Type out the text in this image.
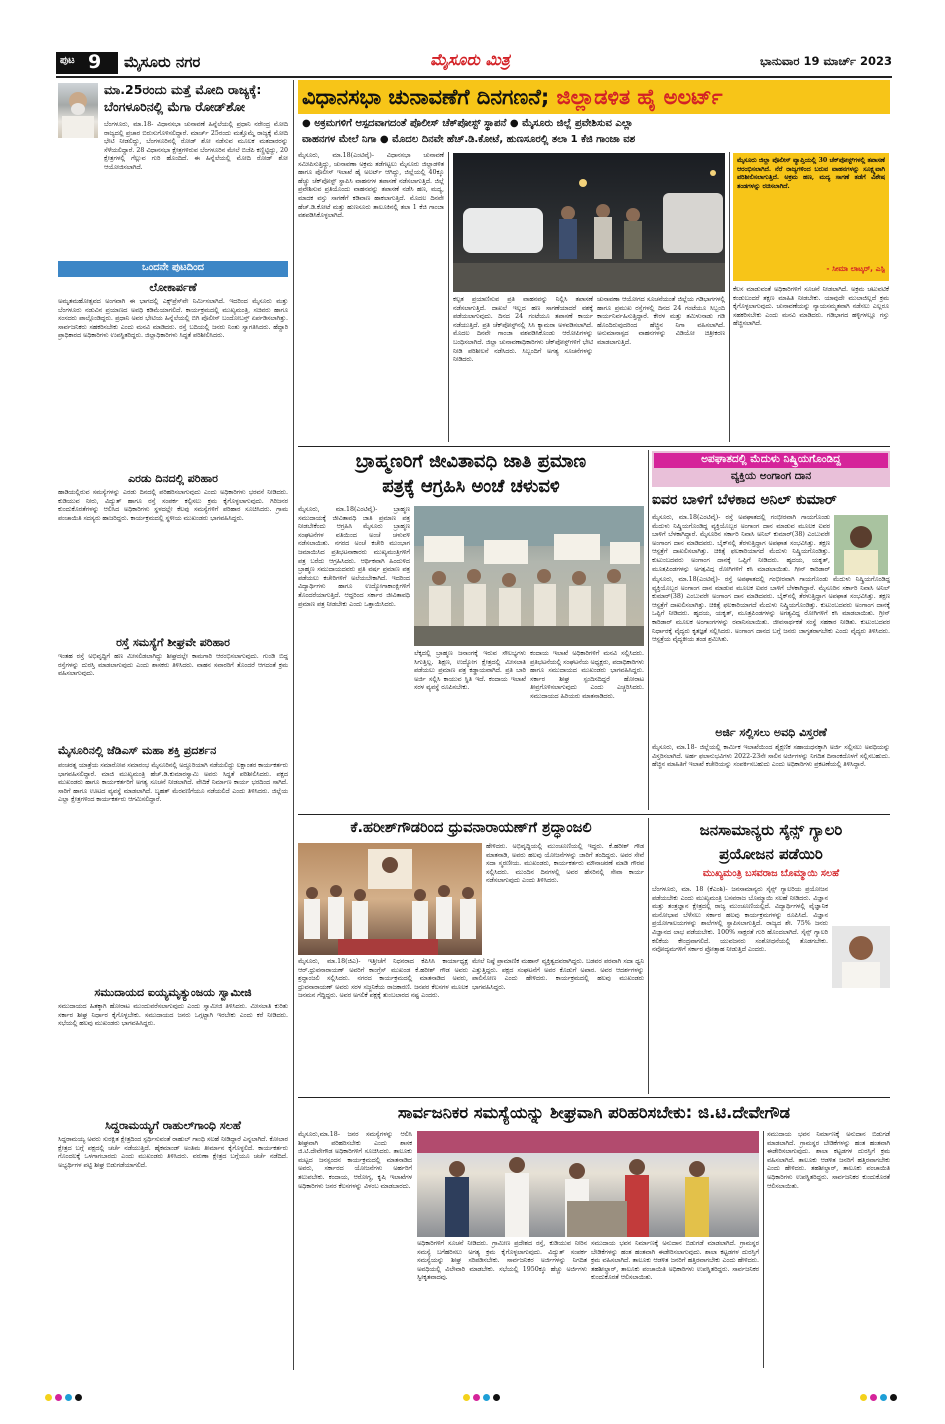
ಪುಟ 9	ಮೈಸೂರು ನಗರ	ಮೈಸೂರು ಮಿತ್ರ	ಭಾನುವಾರ 19 ಮಾರ್ಚ್ 2023
ಮಾ.25ರಂದು ಮತ್ತೆ ಮೋದಿ ರಾಜ್ಯಕ್ಕೆ: ಬೆಂಗಳೂರಿನಲ್ಲಿ ಮೆಗಾ ರೋಡ್‌ಶೋ
ಬೆಂಗಳೂರು, ಮಾ.18- ವಿಧಾನಸಭಾ ಚುನಾವಣೆ ಹಿನ್ನೆಲೆಯಲ್ಲಿ ಪ್ರಧಾನಿ ನರೇಂದ್ರ ಮೋದಿ ರಾಜ್ಯದಲ್ಲಿ ಪ್ರಚಾರ ಬಿರುಸುಗೊಳಿಸಲಿದ್ದಾರೆ. ಮಾರ್ಚ್ 25ರಂದು ಮತ್ತೊಮ್ಮೆ ರಾಜ್ಯಕ್ಕೆ ಮೋದಿ ಭೇಟಿ ನೀಡಲಿದ್ದು, ಬೆಂಗಳೂರಿನಲ್ಲಿ ರೋಡ್ ಶೋ ನಡೆಸುವ ಮೂಲಕ ಮತದಾರರನ್ನು ಸೆಳೆಯಲಿದ್ದಾರೆ. 28 ವಿಧಾನಸಭಾ ಕ್ಷೇತ್ರಗಳಿರುವ ಬೆಂಗಳೂರಿನ ಮೇಲೆ ಬಿಜೆಪಿ ಕಣ್ಣಿಟ್ಟಿದ್ದು, 20 ಕ್ಷೇತ್ರಗಳಲ್ಲಿ ಗೆಲ್ಲುವ ಗುರಿ ಹೊಂದಿದೆ. ಈ ಹಿನ್ನೆಲೆಯಲ್ಲಿ ಮೋದಿ ರೋಡ್ ಶೋ ಆಯೋಜಿಸಲಾಗಿದೆ.
ಒಂದನೇ ಪುಟದಿಂದ
ಲೋಕಾರ್ಪಣೆ
ಅಮೃತಮಹೋತ್ಸವದ ಅಂಗವಾಗಿ ಈ ಭಾಗದಲ್ಲಿ ಎಕ್ಸ್‌ಪ್ರೆಸ್‌ವೇ ನಿರ್ಮಿಸಲಾಗಿದೆ. ಇದರಿಂದ ಮೈಸೂರು ಮತ್ತು ಬೆಂಗಳೂರು ನಡುವಿನ ಪ್ರಯಾಣದ ಅವಧಿ ಕಡಿಮೆಯಾಗಲಿದೆ. ಕಾರ್ಯಕ್ರಮದಲ್ಲಿ ಮುಖ್ಯಮಂತ್ರಿ, ಸಚಿವರು ಹಾಗೂ ಸಂಸದರು ಪಾಲ್ಗೊಂಡಿದ್ದರು. ಪ್ರಧಾನಿ ಅವರ ಭೇಟಿಯ ಹಿನ್ನೆಲೆಯಲ್ಲಿ ಬಿಗಿ ಪೊಲೀಸ್ ಬಂದೋಬಸ್ತ್ ಏರ್ಪಡಿಸಲಾಗಿತ್ತು. ಸಾರ್ವಜನಿಕರು ಸಹಕರಿಸಬೇಕು ಎಂದು ಮನವಿ ಮಾಡಿದರು. ರಸ್ತೆ ಬದಿಯಲ್ಲಿ ಜನರು ನಿಂತು ಸ್ವಾಗತಿಸಿದರು. ಹೆದ್ದಾರಿ ಪ್ರಾಧಿಕಾರದ ಅಧಿಕಾರಿಗಳು ಉಪಸ್ಥಿತರಿದ್ದರು. ಜಿಲ್ಲಾಧಿಕಾರಿಗಳು ಸಿದ್ಧತೆ ಪರಿಶೀಲಿಸಿದರು.
ಎರಡು ದಿನದಲ್ಲಿ ಪರಿಹಾರ
ಹಾಡಿಯಲ್ಲಿರುವ ಸಮಸ್ಯೆಗಳನ್ನು ಎರಡು ದಿನದಲ್ಲಿ ಪರಿಹರಿಸಲಾಗುವುದು ಎಂದು ಅಧಿಕಾರಿಗಳು ಭರವಸೆ ನೀಡಿದರು. ಕುಡಿಯುವ ನೀರು, ವಿದ್ಯುತ್ ಹಾಗೂ ರಸ್ತೆ ಸಂಪರ್ಕ ಕಲ್ಪಿಸಲು ಕ್ರಮ ಕೈಗೊಳ್ಳಲಾಗುವುದು. ಗಿರಿಜನರ ಕುಂದುಕೊರತೆಗಳನ್ನು ಆಲಿಸಿದ ಅಧಿಕಾರಿಗಳು ಸ್ಥಳದಲ್ಲೇ ಕೆಲವು ಸಮಸ್ಯೆಗಳಿಗೆ ಪರಿಹಾರ ಸೂಚಿಸಿದರು. ಗ್ರಾಮ ಪಂಚಾಯಿತಿ ಸದಸ್ಯರು ಹಾಜರಿದ್ದರು. ಕಾರ್ಯಕ್ರಮದಲ್ಲಿ ಸ್ಥಳೀಯ ಮುಖಂಡರು ಭಾಗವಹಿಸಿದ್ದರು.
ರಸ್ತೆ ಸಮಸ್ಯೆಗೆ ಶೀಘ್ರವೇ ಪರಿಹಾರ
ಇಂತಹ ರಸ್ತೆ ಅಭಿವೃದ್ಧಿಗೆ ಹಣ ಮೀಸಲಿಡಲಾಗಿದ್ದು ಶೀಘ್ರದಲ್ಲೇ ಕಾಮಗಾರಿ ಆರಂಭಿಸಲಾಗುವುದು. ಗುಂಡಿ ಬಿದ್ದ ರಸ್ತೆಗಳನ್ನು ದುರಸ್ತಿ ಮಾಡಲಾಗುವುದು ಎಂದು ಶಾಸಕರು ತಿಳಿಸಿದರು. ವಾಹನ ಸವಾರರಿಗೆ ತೊಂದರೆ ಆಗದಂತೆ ಕ್ರಮ ವಹಿಸಲಾಗುವುದು.
ಮೈಸೂರಿನಲ್ಲಿ ಜೆಡಿಎಸ್ ಮಹಾ ಶಕ್ತಿ ಪ್ರದರ್ಶನ
ಪಂಚರತ್ನ ಯಾತ್ರೆಯ ಸಮಾರೋಪ ಸಮಾರಂಭ ಮೈಸೂರಿನಲ್ಲಿ ಅದ್ದೂರಿಯಾಗಿ ನಡೆಯಲಿದ್ದು ಲಕ್ಷಾಂತರ ಕಾರ್ಯಕರ್ತರು ಭಾಗವಹಿಸಲಿದ್ದಾರೆ. ಮಾಜಿ ಮುಖ್ಯಮಂತ್ರಿ ಹೆಚ್.ಡಿ.ಕುಮಾರಸ್ವಾಮಿ ಅವರು ಸಿದ್ಧತೆ ಪರಿಶೀಲಿಸಿದರು. ಪಕ್ಷದ ಮುಖಂಡರು ಹಾಗೂ ಕಾರ್ಯಕರ್ತರಿಗೆ ಅಗತ್ಯ ಸೂಚನೆ ನೀಡಲಾಗಿದೆ. ವೇದಿಕೆ ನಿರ್ಮಾಣ ಕಾರ್ಯ ಭರದಿಂದ ಸಾಗಿದೆ. ಸಾರಿಗೆ ಹಾಗೂ ಊಟದ ವ್ಯವಸ್ಥೆ ಮಾಡಲಾಗಿದೆ. ಬೃಹತ್ ಮೆರವಣಿಗೆಯೂ ನಡೆಯಲಿದೆ ಎಂದು ತಿಳಿಸಿದರು. ಜಿಲ್ಲೆಯ ಎಲ್ಲಾ ಕ್ಷೇತ್ರಗಳಿಂದ ಕಾರ್ಯಕರ್ತರು ಆಗಮಿಸಲಿದ್ದಾರೆ.
ಸಮುದಾಯದ ಐಯ್ಯಮೃತ್ಯುಂಜಯ ಸ್ವಾಮೀಜಿ
ಸಮುದಾಯದ ಹಿತಕ್ಕಾಗಿ ಹೋರಾಟ ಮುಂದುವರೆಸಲಾಗುವುದು ಎಂದು ಸ್ವಾಮೀಜಿ ತಿಳಿಸಿದರು. ಮೀಸಲಾತಿ ಕುರಿತು ಸರ್ಕಾರ ಶೀಘ್ರ ನಿರ್ಧಾರ ಕೈಗೊಳ್ಳಬೇಕು. ಸಮುದಾಯದ ಜನರು ಒಗ್ಗಟ್ಟಾಗಿ ಇರಬೇಕು ಎಂದು ಕರೆ ನೀಡಿದರು. ಸಭೆಯಲ್ಲಿ ಹಲವು ಮುಖಂಡರು ಭಾಗವಹಿಸಿದ್ದರು.
ಸಿದ್ದರಾಮಯ್ಯಗೆ ರಾಹುಲ್‌ಗಾಂಧಿ ಸಲಹೆ
ಸಿದ್ದರಾಮಯ್ಯ ಅವರು ಸುರಕ್ಷಿತ ಕ್ಷೇತ್ರದಿಂದ ಸ್ಪರ್ಧಿಸುವಂತೆ ರಾಹುಲ್ ಗಾಂಧಿ ಸಲಹೆ ನೀಡಿದ್ದಾರೆ ಎನ್ನಲಾಗಿದೆ. ಕೋಲಾರ ಕ್ಷೇತ್ರದ ಬಗ್ಗೆ ಪಕ್ಷದಲ್ಲಿ ಚರ್ಚೆ ನಡೆಯುತ್ತಿದೆ. ಹೈಕಮಾಂಡ್ ಅಂತಿಮ ತೀರ್ಮಾನ ಕೈಗೊಳ್ಳಲಿದೆ. ಕಾರ್ಯಕರ್ತರು ಗೊಂದಲಕ್ಕೆ ಒಳಗಾಗಬಾರದು ಎಂದು ಮುಖಂಡರು ತಿಳಿಸಿದರು. ವರುಣಾ ಕ್ಷೇತ್ರದ ಬಗ್ಗೆಯೂ ಚರ್ಚೆ ನಡೆದಿದೆ. ಅಭ್ಯರ್ಥಿಗಳ ಪಟ್ಟಿ ಶೀಘ್ರ ಬಿಡುಗಡೆಯಾಗಲಿದೆ.
ವಿಧಾನಸಭಾ ಚುನಾವಣೆಗೆ ದಿನಗಣನೆ; ಜಿಲ್ಲಾಡಳಿತ ಹೈ ಅಲರ್ಟ್
● ಅಕ್ರಮಗಳಿಗೆ ಆಸ್ಪದವಾಗದಂತೆ ಪೊಲೀಸ್ ಚೆಕ್‌ಪೋಸ್ಟ್ ಸ್ಥಾಪನೆ ● ಮೈಸೂರು ಜಿಲ್ಲೆ ಪ್ರವೇಶಿಸುವ ಎಲ್ಲಾ
ವಾಹನಗಳ ಮೇಲೆ ನಿಗಾ ● ಮೊದಲ ದಿನವೇ ಹೆಚ್.ಡಿ.ಕೋಟೆ, ಹುಣಸೂರಲ್ಲಿ ತಲಾ 1 ಕೆಜಿ ಗಾಂಜಾ ವಶ
ಮೈಸೂರು, ಮಾ.18(ಎಂಟಿವೈ)- ವಿಧಾನಸಭಾ ಚುನಾವಣೆ ಸಮೀಪಿಸುತ್ತಿದ್ದು, ಚುನಾವಣಾ ಅಕ್ರಮ ತಡೆಗಟ್ಟಲು ಮೈಸೂರು ಜಿಲ್ಲಾಡಳಿತ ಹಾಗೂ ಪೊಲೀಸ್ ಇಲಾಖೆ ಹೈ ಅಲರ್ಟ್ ಆಗಿದ್ದು, ಜಿಲ್ಲೆಯಲ್ಲಿ 40ಕ್ಕೂ ಹೆಚ್ಚು ಚೆಕ್‌ಪೋಸ್ಟ್ ಸ್ಥಾಪಿಸಿ ವಾಹನಗಳ ತಪಾಸಣೆ ನಡೆಸಲಾಗುತ್ತಿದೆ. ಜಿಲ್ಲೆ ಪ್ರವೇಶಿಸುವ ಪ್ರತಿಯೊಂದು ವಾಹನವನ್ನು ತಪಾಸಣೆ ನಡೆಸಿ ಹಣ, ಮದ್ಯ, ಮಾದಕ ವಸ್ತು ಸಾಗಣೆಗೆ ಕಡಿವಾಣ ಹಾಕಲಾಗುತ್ತಿದೆ. ಮೊದಲ ದಿನವೇ ಹೆಚ್.ಡಿ.ಕೋಟೆ ಮತ್ತು ಹುಣಸೂರು ತಾಲೂಕಿನಲ್ಲಿ ತಲಾ 1 ಕೆಜಿ ಗಾಂಜಾ ವಶಪಡಿಸಿಕೊಳ್ಳಲಾಗಿದೆ.
ಕಲ್ಪತ ಪ್ರಯಾಣಿಸುವ ಪ್ರತಿ ವಾಹನವನ್ನು ನಿಲ್ಲಿಸಿ ತಪಾಸಣೆ ನಡೆಸಲಾಗುತ್ತಿದೆ. ದಾಖಲೆ ಇಲ್ಲದ ಹಣ ಸಾಗಣೆಯಾದರೆ ವಶಕ್ಕೆ ಪಡೆಯಲಾಗುವುದು. ದಿನದ 24 ಗಂಟೆಯೂ ತಪಾಸಣೆ ಕಾರ್ಯ ನಡೆಯುತ್ತಿದೆ. ಪ್ರತಿ ಚೆಕ್‌ಪೋಸ್ಟ್‌ನಲ್ಲಿ ಸಿಸಿ ಕ್ಯಾಮರಾ ಅಳವಡಿಸಲಾಗಿದೆ. ಮೊದಲ ದಿನವೇ ಗಾಂಜಾ ವಶಪಡಿಸಿಕೊಂಡು ಆರೋಪಿಗಳನ್ನು ಬಂಧಿಸಲಾಗಿದೆ. ಜಿಲ್ಲಾ ಚುನಾವಣಾಧಿಕಾರಿಗಳು ಚೆಕ್‌ಪೋಸ್ಟ್‌ಗಳಿಗೆ ಭೇಟಿ ನೀಡಿ ಪರಿಶೀಲನೆ ನಡೆಸಿದರು. ಸಿಬ್ಬಂದಿಗೆ ಅಗತ್ಯ ಸೂಚನೆಗಳನ್ನು ನೀಡಿದರು.
ಚುನಾವಣಾ ಆಯೋಗದ ಸೂಚನೆಯಂತೆ ಜಿಲ್ಲೆಯ ಗಡಿಭಾಗಗಳಲ್ಲಿ ಹಾಗೂ ಪ್ರಮುಖ ರಸ್ತೆಗಳಲ್ಲಿ ದಿನದ 24 ಗಂಟೆಯೂ ಸಿಬ್ಬಂದಿ ಕಾರ್ಯನಿರ್ವಹಿಸುತ್ತಿದ್ದಾರೆ. ಕೇರಳ ಮತ್ತು ತಮಿಳುನಾಡು ಗಡಿ ಹೊಂದಿರುವುದರಿಂದ ಹೆಚ್ಚಿನ ನಿಗಾ ವಹಿಸಲಾಗಿದೆ. ಅನುಮಾನಾಸ್ಪದ ವಾಹನಗಳನ್ನು ವಿಡಿಯೋ ಚಿತ್ರೀಕರಣ ಮಾಡಲಾಗುತ್ತಿದೆ.
ಮೈಸೂರು ಜಿಲ್ಲಾ ಪೊಲೀಸ್ ವ್ಯಾಪ್ತಿಯಲ್ಲಿ 30 ಚೆಕ್‌ಪೋಸ್ಟ್‌ಗಳಲ್ಲಿ ತಪಾಸಣೆ ಆರಂಭಿಸಲಾಗಿದೆ. ನೆರೆ ರಾಜ್ಯಗಳಿಂದ ಬರುವ ವಾಹನಗಳನ್ನು ಸೂಕ್ಷ್ಮವಾಗಿ ಪರಿಶೀಲಿಸಲಾಗುತ್ತಿದೆ. ಅಕ್ರಮ ಹಣ, ಮದ್ಯ ಸಾಗಣೆ ತಡೆಗೆ ವಿಶೇಷ ತಂಡಗಳನ್ನು ರಚಿಸಲಾಗಿದೆ.
- ಸೀಮಾ ಲಾಟ್ಕರ್, ಎಸ್ಪಿ
ಕೆಲಸ ಮಾಡುವಂತೆ ಅಧಿಕಾರಿಗಳಿಗೆ ಸೂಚನೆ ನೀಡಲಾಗಿದೆ. ಅಕ್ರಮ ಚಟುವಟಿಕೆ ಕಂಡುಬಂದರೆ ತಕ್ಷಣ ಮಾಹಿತಿ ನೀಡಬೇಕು. ಯಾವುದೇ ಮುಲಾಜಿಲ್ಲದೆ ಕ್ರಮ ಕೈಗೊಳ್ಳಲಾಗುವುದು. ಚುನಾವಣೆಯನ್ನು ನ್ಯಾಯಸಮ್ಮತವಾಗಿ ನಡೆಸಲು ಎಲ್ಲರೂ ಸಹಕರಿಸಬೇಕು ಎಂದು ಮನವಿ ಮಾಡಿದರು. ಗಡಿಭಾಗದ ಹಳ್ಳಿಗಳಲ್ಲೂ ಗಸ್ತು ಹೆಚ್ಚಿಸಲಾಗಿದೆ.
ಬ್ರಾಹ್ಮಣರಿಗೆ ಜೀವಿತಾವಧಿ ಜಾತಿ ಪ್ರಮಾಣ
ಪತ್ರಕ್ಕೆ ಆಗ್ರಹಿಸಿ ಅಂಚೆ ಚಳುವಳಿ
ಮೈಸೂರು, ಮಾ.18(ಎಂಟಿವೈ)- ಬ್ರಾಹ್ಮಣ ಸಮುದಾಯಕ್ಕೆ ಜೀವಿತಾವಧಿ ಜಾತಿ ಪ್ರಮಾಣ ಪತ್ರ ನೀಡಬೇಕೆಂದು ಆಗ್ರಹಿಸಿ ಮೈಸೂರು ಬ್ರಾಹ್ಮಣ ಸಂಘಟನೆಗಳ ವತಿಯಿಂದ ಅಂಚೆ ಚಳುವಳಿ ನಡೆಸಲಾಯಿತು. ನಗರದ ಅಂಚೆ ಕಚೇರಿ ಮುಂಭಾಗ ಜಮಾಯಿಸಿದ ಪ್ರತಿಭಟನಾಕಾರರು ಮುಖ್ಯಮಂತ್ರಿಗಳಿಗೆ ಪತ್ರ ಬರೆದು ಆಗ್ರಹಿಸಿದರು. ಆರ್ಥಿಕವಾಗಿ ಹಿಂದುಳಿದ ಬ್ರಾಹ್ಮಣ ಸಮುದಾಯದವರು ಪ್ರತಿ ವರ್ಷ ಪ್ರಮಾಣ ಪತ್ರ ಪಡೆಯಲು ಕಚೇರಿಗಳಿಗೆ ಅಲೆಯಬೇಕಾಗಿದೆ. ಇದರಿಂದ ವಿದ್ಯಾರ್ಥಿಗಳು ಹಾಗೂ ಉದ್ಯೋಗಾಕಾಂಕ್ಷಿಗಳಿಗೆ ತೊಂದರೆಯಾಗುತ್ತಿದೆ. ಆದ್ದರಿಂದ ಸರ್ಕಾರ ಜೀವಿತಾವಧಿ ಪ್ರಮಾಣ ಪತ್ರ ನೀಡಬೇಕು ಎಂದು ಒತ್ತಾಯಿಸಿದರು.
ಲೆಕ್ಕದಲ್ಲಿ ಬ್ರಾಹ್ಮಣ ಜನಾಂಗಕ್ಕೆ ಇರುವ ಸೌಲಭ್ಯಗಳು ಸಿಗುತ್ತಿಲ್ಲ. ಶಿಕ್ಷಣ, ಉದ್ಯೋಗ ಕ್ಷೇತ್ರದಲ್ಲಿ ಮೀಸಲಾತಿ ಪಡೆಯಲು ಪ್ರಮಾಣ ಪತ್ರ ಕಡ್ಡಾಯವಾಗಿದೆ. ಪ್ರತಿ ಬಾರಿ ಅರ್ಜಿ ಸಲ್ಲಿಸಿ ಕಾಯುವ ಸ್ಥಿತಿ ಇದೆ. ಕಂದಾಯ ಇಲಾಖೆ ಸರಳ ವ್ಯವಸ್ಥೆ ರೂಪಿಸಬೇಕು.
ಕಂದಾಯ ಇಲಾಖೆ ಅಧಿಕಾರಿಗಳಿಗೆ ಮನವಿ ಸಲ್ಲಿಸಿದರು. ಪ್ರತಿಭಟನೆಯಲ್ಲಿ ಸಂಘಟನೆಯ ಅಧ್ಯಕ್ಷರು, ಪದಾಧಿಕಾರಿಗಳು ಹಾಗೂ ಸಮುದಾಯದ ಮುಖಂಡರು ಭಾಗವಹಿಸಿದ್ದರು. ಸರ್ಕಾರ ಶೀಘ್ರ ಸ್ಪಂದಿಸದಿದ್ದರೆ ಹೋರಾಟ ತೀವ್ರಗೊಳಿಸಲಾಗುವುದು ಎಂದು ಎಚ್ಚರಿಸಿದರು. ಸಮುದಾಯದ ಹಿರಿಯರು ಮಾತನಾಡಿದರು.
ಅಪಘಾತದಲ್ಲಿ ಮೆದುಳು ನಿಷ್ಕ್ರಿಯಗೊಂಡಿದ್ದ
ವ್ಯಕ್ತಿಯ ಅಂಗಾಂಗ ದಾನ
ಐವರ ಬಾಳಿಗೆ ಬೆಳಕಾದ ಅನಿಲ್ ಕುಮಾರ್
ಮೈಸೂರು, ಮಾ.18(ಎಂಟಿವೈ)- ರಸ್ತೆ ಅಪಘಾತದಲ್ಲಿ ಗಂಭೀರವಾಗಿ ಗಾಯಗೊಂಡು ಮೆದುಳು ನಿಷ್ಕ್ರಿಯಗೊಂಡಿದ್ದ ವ್ಯಕ್ತಿಯೊಬ್ಬರ ಅಂಗಾಂಗ ದಾನ ಮಾಡುವ ಮೂಲಕ ಐವರ ಬಾಳಿಗೆ ಬೆಳಕಾಗಿದ್ದಾರೆ. ಮೈಸೂರಿನ ಸರ್ಕಾರಿ ನಿವಾಸಿ ಅನಿಲ್ ಕುಮಾರ್(38) ಎಂಬುವರೇ ಅಂಗಾಂಗ ದಾನ ಮಾಡಿದವರು. ಬೈಕ್‌ನಲ್ಲಿ ತೆರಳುತ್ತಿದ್ದಾಗ ಅಪಘಾತ ಸಂಭವಿಸಿತ್ತು. ತಕ್ಷಣ ಆಸ್ಪತ್ರೆಗೆ ದಾಖಲಿಸಲಾಗಿತ್ತು. ಚಿಕಿತ್ಸೆ ಫಲಕಾರಿಯಾಗದೆ ಮೆದುಳು ನಿಷ್ಕ್ರಿಯಗೊಂಡಿತ್ತು. ಕುಟುಂಬದವರು ಅಂಗಾಂಗ ದಾನಕ್ಕೆ ಒಪ್ಪಿಗೆ ನೀಡಿದರು. ಹೃದಯ, ಯಕೃತ್, ಮೂತ್ರಪಿಂಡಗಳನ್ನು ಅಗತ್ಯವಿದ್ದ ರೋಗಿಗಳಿಗೆ ಕಸಿ ಮಾಡಲಾಯಿತು. ಗ್ರೀನ್ ಕಾರಿಡಾರ್
ಮೈಸೂರು, ಮಾ.18(ಎಂಟಿವೈ)- ರಸ್ತೆ ಅಪಘಾತದಲ್ಲಿ ಗಂಭೀರವಾಗಿ ಗಾಯಗೊಂಡು ಮೆದುಳು ನಿಷ್ಕ್ರಿಯಗೊಂಡಿದ್ದ ವ್ಯಕ್ತಿಯೊಬ್ಬರ ಅಂಗಾಂಗ ದಾನ ಮಾಡುವ ಮೂಲಕ ಐವರ ಬಾಳಿಗೆ ಬೆಳಕಾಗಿದ್ದಾರೆ. ಮೈಸೂರಿನ ಸರ್ಕಾರಿ ನಿವಾಸಿ ಅನಿಲ್ ಕುಮಾರ್(38) ಎಂಬುವರೇ ಅಂಗಾಂಗ ದಾನ ಮಾಡಿದವರು. ಬೈಕ್‌ನಲ್ಲಿ ತೆರಳುತ್ತಿದ್ದಾಗ ಅಪಘಾತ ಸಂಭವಿಸಿತ್ತು. ತಕ್ಷಣ ಆಸ್ಪತ್ರೆಗೆ ದಾಖಲಿಸಲಾಗಿತ್ತು. ಚಿಕಿತ್ಸೆ ಫಲಕಾರಿಯಾಗದೆ ಮೆದುಳು ನಿಷ್ಕ್ರಿಯಗೊಂಡಿತ್ತು. ಕುಟುಂಬದವರು ಅಂಗಾಂಗ ದಾನಕ್ಕೆ ಒಪ್ಪಿಗೆ ನೀಡಿದರು. ಹೃದಯ, ಯಕೃತ್, ಮೂತ್ರಪಿಂಡಗಳನ್ನು ಅಗತ್ಯವಿದ್ದ ರೋಗಿಗಳಿಗೆ ಕಸಿ ಮಾಡಲಾಯಿತು. ಗ್ರೀನ್ ಕಾರಿಡಾರ್ ಮೂಲಕ ಅಂಗಾಂಗಗಳನ್ನು ರವಾನಿಸಲಾಯಿತು. ಜೀವಸಾರ್ಥಕತೆ ಸಂಸ್ಥೆ ಸಹಕಾರ ನೀಡಿತು. ಕುಟುಂಬದವರ ನಿರ್ಧಾರಕ್ಕೆ ವೈದ್ಯರು ಕೃತಜ್ಞತೆ ಸಲ್ಲಿಸಿದರು. ಅಂಗಾಂಗ ದಾನದ ಬಗ್ಗೆ ಜನರು ಜಾಗೃತರಾಗಬೇಕು ಎಂದು ವೈದ್ಯರು ತಿಳಿಸಿದರು. ಆಸ್ಪತ್ರೆಯ ವೈದ್ಯಕೀಯ ತಂಡ ಶ್ರಮಿಸಿತು.
ಅರ್ಜಿ ಸಲ್ಲಿಸಲು ಅವಧಿ ವಿಸ್ತರಣೆ
ಮೈಸೂರು, ಮಾ.18- ಜಿಲ್ಲೆಯಲ್ಲಿ ಕಾರ್ಮಿಕ ಇಲಾಖೆಯಿಂದ ಶೈಕ್ಷಣಿಕ ಸಹಾಯಧನಕ್ಕಾಗಿ ಅರ್ಜಿ ಸಲ್ಲಿಸಲು ಅವಧಿಯನ್ನು ವಿಸ್ತರಿಸಲಾಗಿದೆ. ಅರ್ಹ ಫಲಾನುಭವಿಗಳು 2022-23ನೇ ಸಾಲಿನ ಅರ್ಜಿಗಳನ್ನು ನಿಗದಿತ ದಿನಾಂಕದೊಳಗೆ ಸಲ್ಲಿಸಬಹುದು. ಹೆಚ್ಚಿನ ಮಾಹಿತಿಗೆ ಇಲಾಖೆ ಕಚೇರಿಯನ್ನು ಸಂಪರ್ಕಿಸಬಹುದು ಎಂದು ಅಧಿಕಾರಿಗಳು ಪ್ರಕಟಣೆಯಲ್ಲಿ ತಿಳಿಸಿದ್ದಾರೆ.
ಕೆ.ಹರೀಶ್‌ಗೌಡರಿಂದ ಧ್ರುವನಾರಾಯಣ್‌ಗೆ ಶ್ರದ್ಧಾಂಜಲಿ
ಹೇಳಿದರು. ಅಭಿವೃದ್ಧಿಯಲ್ಲಿ ಮುಂಚೂಣಿಯಲ್ಲಿ ಇದ್ದರು. ಕೆ.ಹರೀಶ್ ಗೌಡ ಮಾತನಾಡಿ, ಅವರು ಹಲವು ಯೋಜನೆಗಳನ್ನು ಜಾರಿಗೆ ತಂದಿದ್ದರು. ಅವರ ಸೇವೆ ಸದಾ ಸ್ಮರಣೀಯ. ಮುಖಂಡರು, ಕಾರ್ಯಕರ್ತರು ಮೌನಾಚರಣೆ ಮಾಡಿ ಗೌರವ ಸಲ್ಲಿಸಿದರು. ಮುಂದಿನ ದಿನಗಳಲ್ಲಿ ಅವರ ಹೆಸರಿನಲ್ಲಿ ಸೇವಾ ಕಾರ್ಯ ನಡೆಸಲಾಗುವುದು ಎಂದು ತಿಳಿಸಿದರು.
ಮೈಸೂರು, ಮಾ.18(ಜಿಎ)- ಇತ್ತೀಚೆಗೆ ನಿಧನರಾದ ಕೆಪಿಸಿಸಿ ಕಾರ್ಯಾಧ್ಯಕ್ಷ ಆರ್.ಧ್ರುವನಾರಾಯಣ್ ಅವರಿಗೆ ಕಾಂಗ್ರೆಸ್ ಮುಖಂಡ ಕೆ.ಹರೀಶ್ ಗೌಡ ಅವರು ಶ್ರದ್ಧಾಂಜಲಿ ಸಲ್ಲಿಸಿದರು. ನಗರದ ಕಾರ್ಯಕ್ರಮದಲ್ಲಿ ಮಾತನಾಡಿದ ಅವರು, ಧ್ರುವನಾರಾಯಣ್ ಅವರು ಸರಳ ಸಜ್ಜನಿಕೆಯ ರಾಜಕಾರಣಿ. ಜನಪರ ಕೆಲಸಗಳ ಮೂಲಕ ಜನಮನ ಗೆದ್ದಿದ್ದರು. ಅವರ ಅಗಲಿಕೆ ಪಕ್ಷಕ್ಕೆ ತುಂಬಲಾರದ ನಷ್ಟ ಎಂದರು.
ಮೇಲೆ ನಿಷ್ಠೆ ಪ್ರಾಮಾಣಿಕ ಮಹಾನ್ ವ್ಯಕ್ತಿತ್ವದವರಾಗಿದ್ದರು. ಬಡವರ ಪರವಾಗಿ ಸದಾ ಧ್ವನಿ ಎತ್ತುತ್ತಿದ್ದರು. ಪಕ್ಷದ ಸಂಘಟನೆಗೆ ಅವರ ಕೊಡುಗೆ ಅಪಾರ. ಅವರ ಆದರ್ಶಗಳನ್ನು ಪಾಲಿಸೋಣ ಎಂದು ಹೇಳಿದರು. ಕಾರ್ಯಕ್ರಮದಲ್ಲಿ ಹಲವು ಮುಖಂಡರು ಭಾಗವಹಿಸಿದ್ದರು.
ಜನಸಾಮಾನ್ಯರು ಸೈನ್ಸ್ ಗ್ಯಾಲರಿ
ಪ್ರಯೋಜನ ಪಡೆಯಿರಿ
ಮುಖ್ಯಮಂತ್ರಿ ಬಸವರಾಜ ಬೊಮ್ಮಾಯಿ ಸಲಹೆ
ಬೆಂಗಳೂರು, ಮಾ. 18 (ಕೆಎಂಶಿ)- ಜನಸಾಮಾನ್ಯರು ಸೈನ್ಸ್ ಗ್ಯಾಲರಿಯ ಪ್ರಯೋಜನ ಪಡೆಯಬೇಕು ಎಂದು ಮುಖ್ಯಮಂತ್ರಿ ಬಸವರಾಜ ಬೊಮ್ಮಾಯಿ ಸಲಹೆ ನೀಡಿದರು. ವಿಜ್ಞಾನ ಮತ್ತು ತಂತ್ರಜ್ಞಾನ ಕ್ಷೇತ್ರದಲ್ಲಿ ರಾಜ್ಯ ಮುಂಚೂಣಿಯಲ್ಲಿದೆ. ವಿದ್ಯಾರ್ಥಿಗಳಲ್ಲಿ ವೈಜ್ಞಾನಿಕ ಮನೋಭಾವ ಬೆಳೆಸಲು ಸರ್ಕಾರ ಹಲವು ಕಾರ್ಯಕ್ರಮಗಳನ್ನು ರೂಪಿಸಿದೆ. ವಿಜ್ಞಾನ ಪ್ರಯೋಗಾಲಯಗಳನ್ನು ಶಾಲೆಗಳಲ್ಲಿ ಸ್ಥಾಪಿಸಲಾಗುತ್ತಿದೆ. ರಾಜ್ಯದ ಶೇ. 75% ಜನರು ವಿಜ್ಞಾನದ ಲಾಭ ಪಡೆಯಬೇಕು. 100% ಸಾಕ್ಷರತೆ ಗುರಿ ಹೊಂದಲಾಗಿದೆ. ಸೈನ್ಸ್ ಗ್ಯಾಲರಿ ಕಲಿಕೆಯ ಕೇಂದ್ರವಾಗಲಿದೆ. ಯುವಜನರು ಸಂಶೋಧನೆಯಲ್ಲಿ ತೊಡಗಬೇಕು. ನವೋದ್ಯಮಗಳಿಗೆ ಸರ್ಕಾರ ಪ್ರೋತ್ಸಾಹ ನೀಡುತ್ತಿದೆ ಎಂದರು.
ಸಾರ್ವಜನಿಕರ ಸಮಸ್ಯೆಯನ್ನು ಶೀಘ್ರವಾಗಿ ಪರಿಹರಿಸಬೇಕು: ಜಿ.ಟಿ.ದೇವೇಗೌಡ
ಮೈಸೂರು,ಮಾ.18- ಜನರ ಸಮಸ್ಯೆಗಳನ್ನು ಆಲಿಸಿ ಶೀಘ್ರವಾಗಿ ಪರಿಹರಿಸಬೇಕು ಎಂದು ಶಾಸಕ ಜಿ.ಟಿ.ದೇವೇಗೌಡ ಅಧಿಕಾರಿಗಳಿಗೆ ಸೂಚಿಸಿದರು. ತಾಲೂಕು ಮಟ್ಟದ ಜನಸ್ಪಂದನ ಕಾರ್ಯಕ್ರಮದಲ್ಲಿ ಮಾತನಾಡಿದ ಅವರು, ಸರ್ಕಾರದ ಯೋಜನೆಗಳು ಅರ್ಹರಿಗೆ ತಲುಪಬೇಕು. ಕಂದಾಯ, ಆರೋಗ್ಯ, ಕೃಷಿ ಇಲಾಖೆಗಳ ಅಧಿಕಾರಿಗಳು ಜನರ ಕೆಲಸಗಳನ್ನು ವಿಳಂಬ ಮಾಡಬಾರದು.
ಅಧಿಕಾರಿಗಳಿಗೆ ಸೂಚನೆ ನೀಡಿದರು. ಗ್ರಾಮೀಣ ಪ್ರದೇಶದ ರಸ್ತೆ, ಕುಡಿಯುವ ನೀರಿನ ಸಮಸ್ಯೆ ಬಗೆಹರಿಸಲು ಅಗತ್ಯ ಕ್ರಮ ಕೈಗೊಳ್ಳಲಾಗುವುದು. ವಿದ್ಯುತ್ ಸಂಪರ್ಕ ಸಮಸ್ಯೆಯನ್ನು ಶೀಘ್ರ ಸರಿಪಡಿಸಬೇಕು. ಸಾರ್ವಜನಿಕರ ಅರ್ಜಿಗಳನ್ನು ನಿಗದಿತ ಅವಧಿಯಲ್ಲಿ ವಿಲೇವಾರಿ ಮಾಡಬೇಕು. ಸಭೆಯಲ್ಲಿ 1950ಕ್ಕೂ ಹೆಚ್ಚು ಅರ್ಜಿಗಳು ಸ್ವೀಕೃತವಾದವು.
ಸಮುದಾಯ ಭವನ ನಿರ್ಮಾಣಕ್ಕೆ ಅನುದಾನ ಬಿಡುಗಡೆ ಮಾಡಲಾಗಿದೆ. ಗ್ರಾಮಸ್ಥರ ಬೇಡಿಕೆಗಳನ್ನು ಹಂತ ಹಂತವಾಗಿ ಈಡೇರಿಸಲಾಗುವುದು. ಶಾಲಾ ಕಟ್ಟಡಗಳ ದುರಸ್ತಿಗೆ ಕ್ರಮ ವಹಿಸಲಾಗಿದೆ. ತಾಲೂಕು ಆಡಳಿತ ಜನರಿಗೆ ಹತ್ತಿರವಾಗಬೇಕು ಎಂದು ಹೇಳಿದರು. ತಹಶೀಲ್ದಾರ್, ತಾಲೂಕು ಪಂಚಾಯಿತಿ ಅಧಿಕಾರಿಗಳು ಉಪಸ್ಥಿತರಿದ್ದರು. ಸಾರ್ವಜನಿಕರ ಕುಂದುಕೊರತೆ ಆಲಿಸಲಾಯಿತು.
ಸಮುದಾಯ ಭವನ ನಿರ್ಮಾಣಕ್ಕೆ ಅನುದಾನ ಬಿಡುಗಡೆ ಮಾಡಲಾಗಿದೆ. ಗ್ರಾಮಸ್ಥರ ಬೇಡಿಕೆಗಳನ್ನು ಹಂತ ಹಂತವಾಗಿ ಈಡೇರಿಸಲಾಗುವುದು. ಶಾಲಾ ಕಟ್ಟಡಗಳ ದುರಸ್ತಿಗೆ ಕ್ರಮ ವಹಿಸಲಾಗಿದೆ. ತಾಲೂಕು ಆಡಳಿತ ಜನರಿಗೆ ಹತ್ತಿರವಾಗಬೇಕು ಎಂದು ಹೇಳಿದರು. ತಹಶೀಲ್ದಾರ್, ತಾಲೂಕು ಪಂಚಾಯಿತಿ ಅಧಿಕಾರಿಗಳು ಉಪಸ್ಥಿತರಿದ್ದರು. ಸಾರ್ವಜನಿಕರ ಕುಂದುಕೊರತೆ ಆಲಿಸಲಾಯಿತು.
